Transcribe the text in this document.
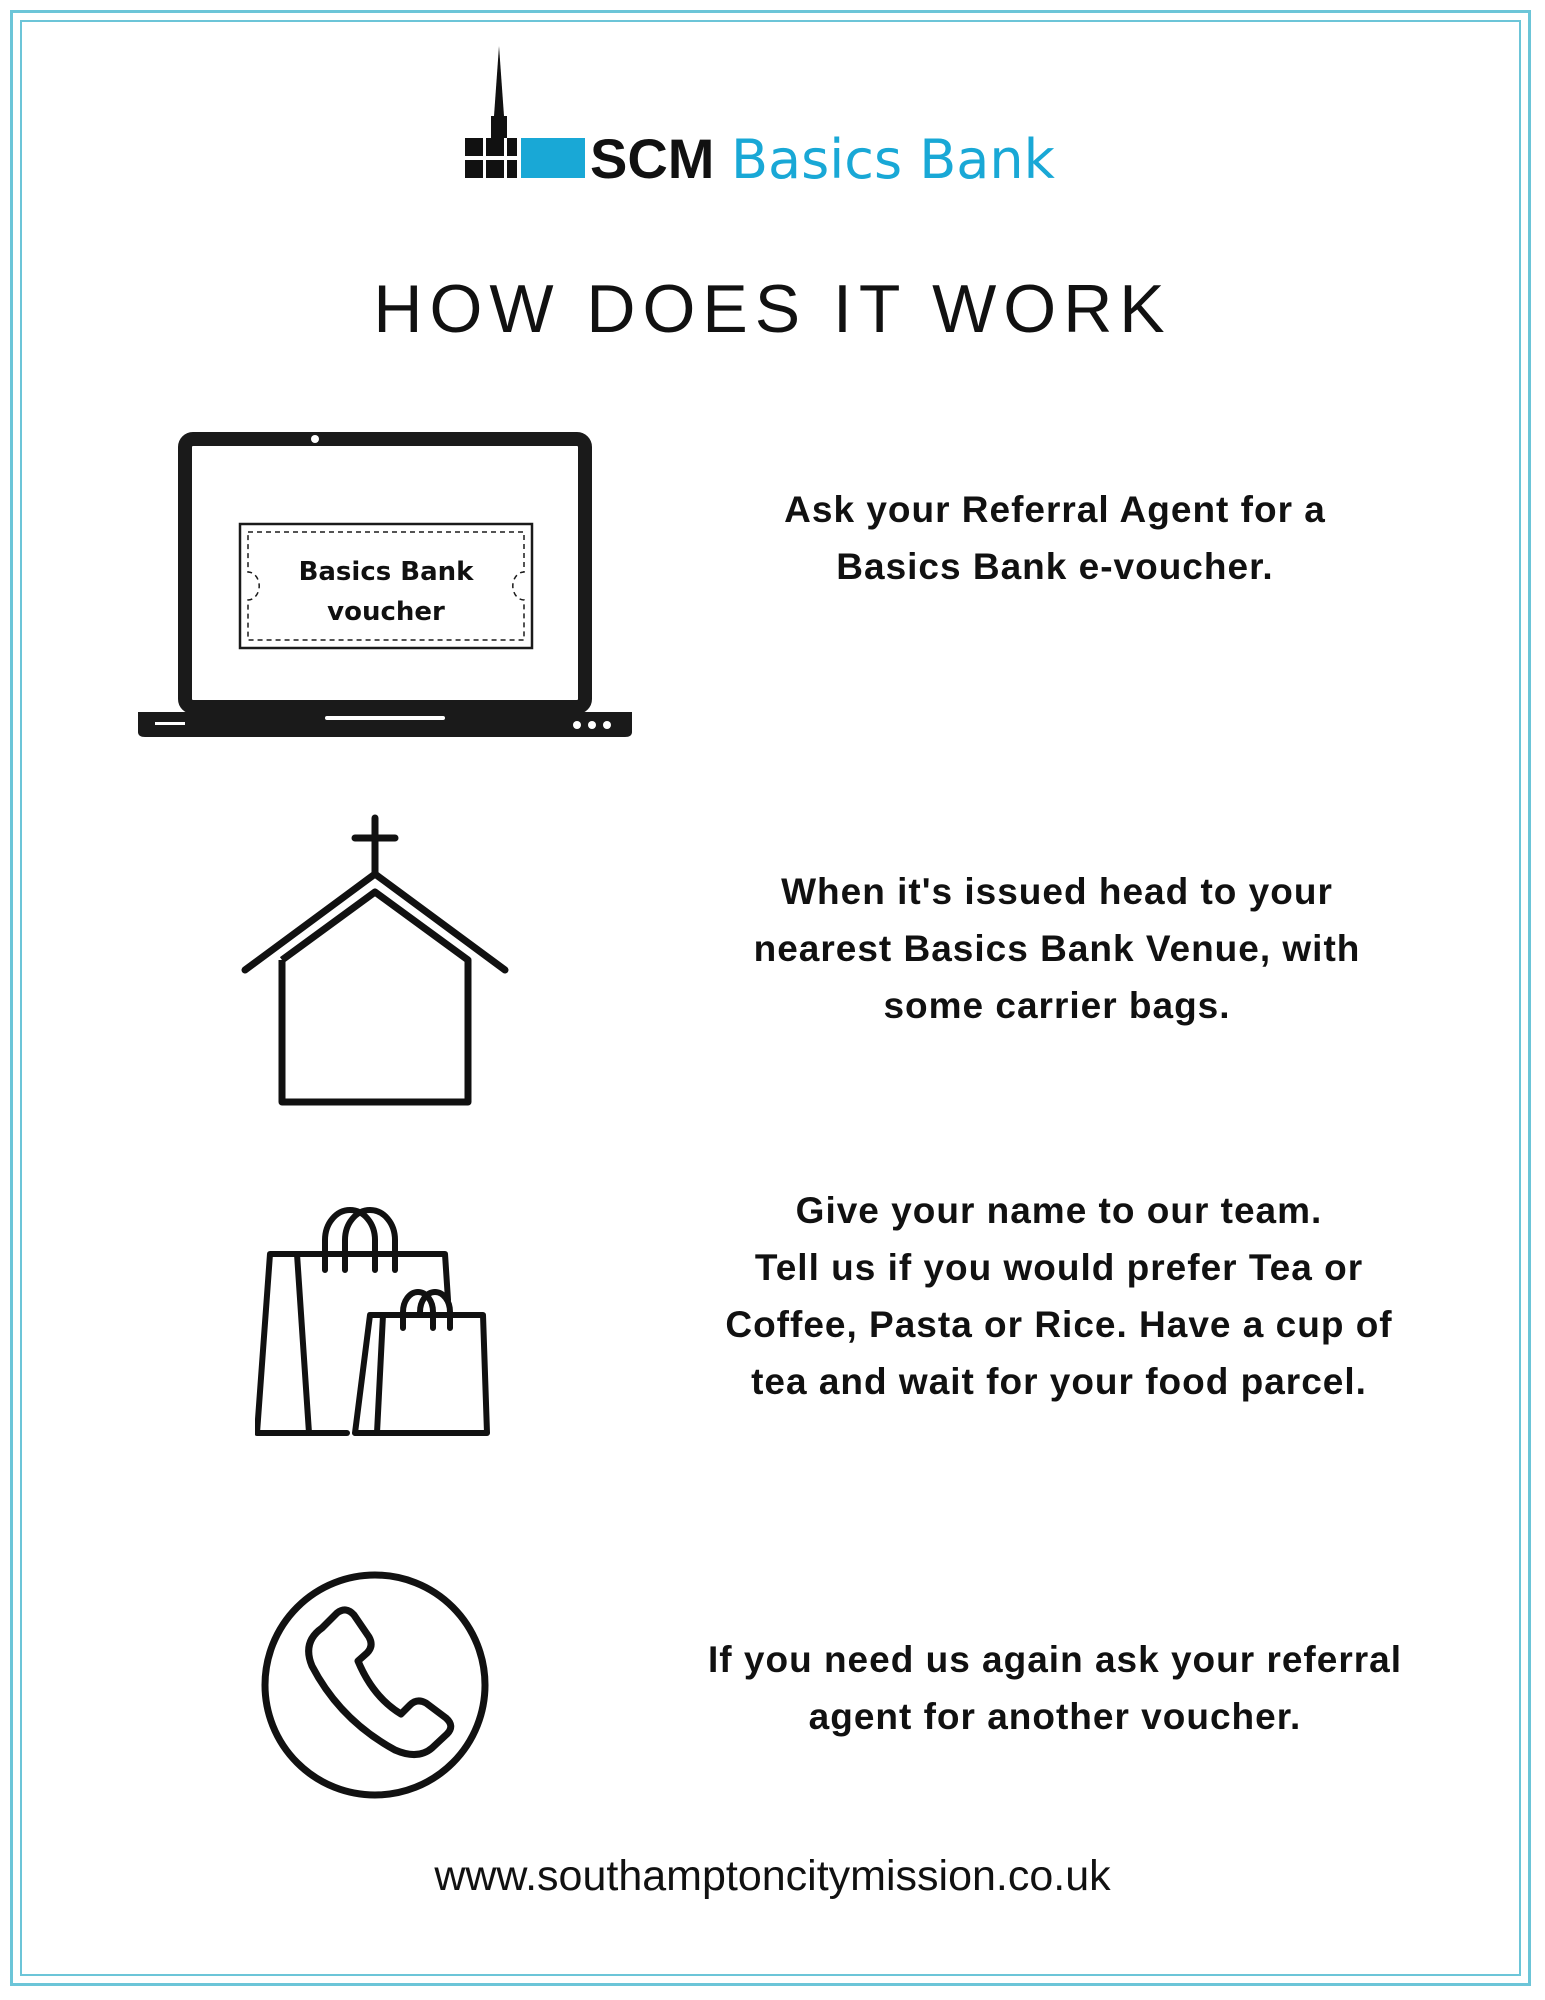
SCM Basics Bank
HOW DOES IT WORK
Basics Bank
voucher
Ask your Referral Agent for a
Basics Bank e-voucher.
When it's issued head to your
nearest Basics Bank Venue, with
some carrier bags.
Give your name to our team.
Tell us if you would prefer Tea or
Coffee, Pasta or Rice. Have a cup of
tea and wait for your food parcel.
If you need us again ask your referral
agent for another voucher.
www.southamptoncitymission.co.uk
